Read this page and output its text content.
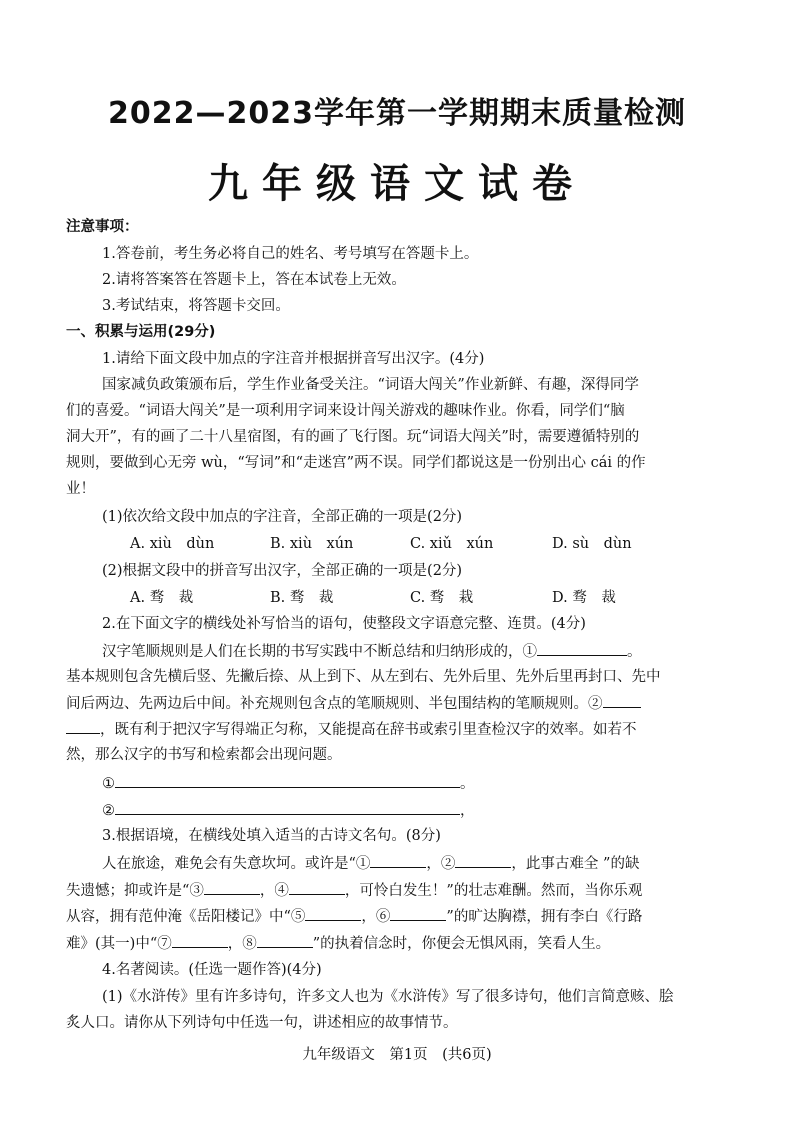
2022—2023学年第一学期期末质量检测
九年级语文试卷
注意事项：
1.答卷前，考生务必将自己的姓名、考号填写在答题卡上。
2.请将答案答在答题卡上，答在本试卷上无效。
3.考试结束，将答题卡交回。
一、积累与运用(29分)
1.请给下面文段中加点的字注音并根据拼音写出汉字。(4分)
国家减负政策颁布后，学生作业备受关注。“词语大闯关”作业新鲜、有趣，深得同学
们的喜爱。“词语大闯关”是一项利用字词来设计闯关游戏的趣味作业。你看，同学们“脑
洞大开”，有的画了二十八星宿图，有的画了飞行图。玩“词语大闯关”时，需要遵循特别的
规则，要做到心无旁 wù，“写词”和“走迷宫”两不误。同学们都说这是一份别出心 cái 的作
业！
(1)依次给文段中加点的字注音，全部正确的一项是(2分)
A. xiù　dùn	B. xiù　xún	C. xiǔ　xún	D. sù　dùn
(2)根据文段中的拼音写出汉字，全部正确的一项是(2分)
A. 骛　裁	B. 骛　裁	C. 骛　栽	D. 骛　裁
2.在下面文字的横线处补写恰当的语句，使整段文字语意完整、连贯。(4分)
汉字笔顺规则是人们在长期的书写实践中不断总结和归纳形成的，①	。
基本规则包含先横后竖、先撇后捺、从上到下、从左到右、先外后里、先外后里再封口、先中
间后两边、先两边后中间。补充规则包含点的笔顺规则、半包围结构的笔顺规则。②
，既有利于把汉字写得端正匀称，又能提高在辞书或索引里查检汉字的效率。如若不
然，那么汉字的书写和检索都会出现问题。
①	。
②	，
3.根据语境，在横线处填入适当的古诗文名句。(8分)
人在旅途，难免会有失意坎坷。或许是“①	，②	，此事古难全 ”的缺
失遗憾；抑或许是“③	，④	，可怜白发生！”的壮志难酬。然而，当你乐观
从容，拥有范仲淹《岳阳楼记》中“⑤	，⑥	”的旷达胸襟，拥有李白《行路
难》(其一)中“⑦	，⑧	”的执着信念时，你便会无惧风雨，笑看人生。
4.名著阅读。(任选一题作答)(4分)
(1)《水浒传》里有许多诗句，许多文人也为《水浒传》写了很多诗句，他们言简意赅、脍
炙人口。请你从下列诗句中任选一句，讲述相应的故事情节。
九年级语文　第1页　(共6页)
